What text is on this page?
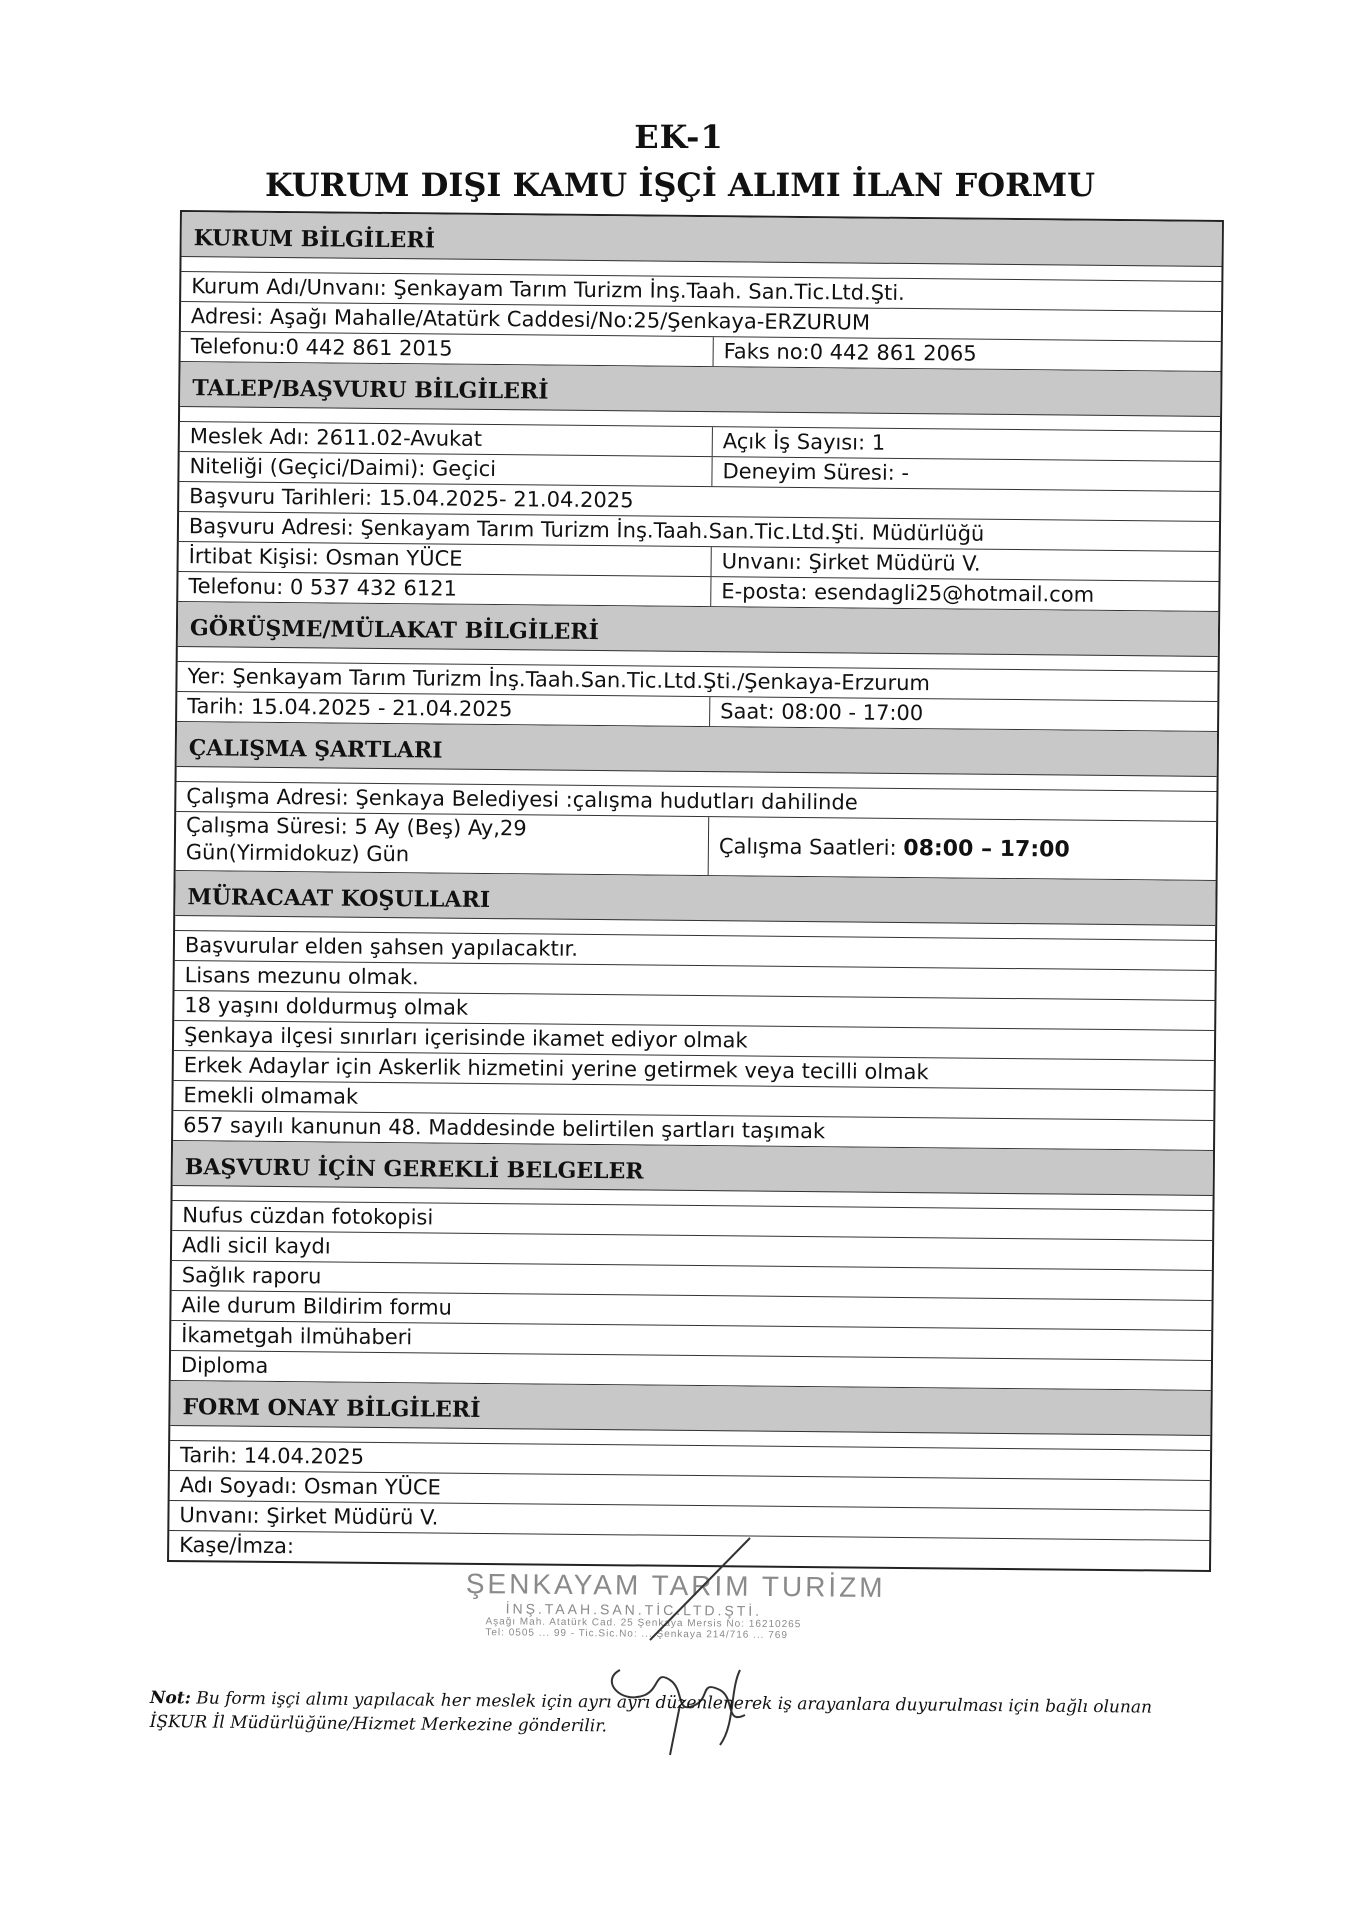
EK-1
KURUM DIŞI KAMU İŞÇİ ALIMI İLAN FORMU
KURUM BİLGİLERİ
Kurum Adı/Unvanı: Şenkayam Tarım Turizm İnş.Taah. San.Tic.Ltd.Şti.
Adresi: Aşağı Mahalle/Atatürk Caddesi/No:25/Şenkaya-ERZURUM
Telefonu:0 442 861 2015	Faks no:0 442 861 2065
TALEP/BAŞVURU BİLGİLERİ
Meslek Adı: 2611.02-Avukat	Açık İş Sayısı: 1
Niteliği (Geçici/Daimi): Geçici	Deneyim Süresi: -
Başvuru Tarihleri: 15.04.2025- 21.04.2025
Başvuru Adresi: Şenkayam Tarım Turizm İnş.Taah.San.Tic.Ltd.Şti. Müdürlüğü
İrtibat Kişisi: Osman YÜCE	Unvanı: Şirket Müdürü V.
Telefonu: 0 537 432 6121	E-posta: esendagli25@hotmail.com
GÖRÜŞME/MÜLAKAT BİLGİLERİ
Yer: Şenkayam Tarım Turizm İnş.Taah.San.Tic.Ltd.Şti./Şenkaya-Erzurum
Tarih: 15.04.2025 - 21.04.2025	Saat: 08:00 - 17:00
ÇALIŞMA ŞARTLARI
Çalışma Adresi: Şenkaya Belediyesi :çalışma hudutları dahilinde
Çalışma Süresi: 5 Ay (Beş) Ay,29
Gün(Yirmidokuz) Gün	Çalışma Saatleri: 08:00 – 17:00
MÜRACAAT KOŞULLARI
Başvurular elden şahsen yapılacaktır.
Lisans mezunu olmak.
18 yaşını doldurmuş olmak
Şenkaya ilçesi sınırları içerisinde ikamet ediyor olmak
Erkek Adaylar için Askerlik hizmetini yerine getirmek veya tecilli olmak
Emekli olmamak
657 sayılı kanunun 48. Maddesinde belirtilen şartları taşımak
BAŞVURU İÇİN GEREKLİ BELGELER
Nufus cüzdan fotokopisi
Adli sicil kaydı
Sağlık raporu
Aile durum Bildirim formu
İkametgah ilmühaberi
Diploma
FORM ONAY BİLGİLERİ
Tarih: 14.04.2025
Adı Soyadı: Osman YÜCE
Unvanı: Şirket Müdürü V.
Kaşe/İmza:
ŞENKAYAM TARIM TURİZM
İNŞ.TAAH.SAN.TİC.LTD.ŞTİ.
Aşağı Mah. Atatürk Cad. 25 Şenkaya Mersis No: 16210265
Tel: 0505 ... 99 - Tic.Sic.No: ... Şenkaya 214/716 ... 769
Not: Bu form işçi alımı yapılacak her meslek için ayrı ayrı düzenlenerek iş arayanlara duyurulması için bağlı olunan İŞKUR İl Müdürlüğüne/Hizmet Merkezine gönderilir.
